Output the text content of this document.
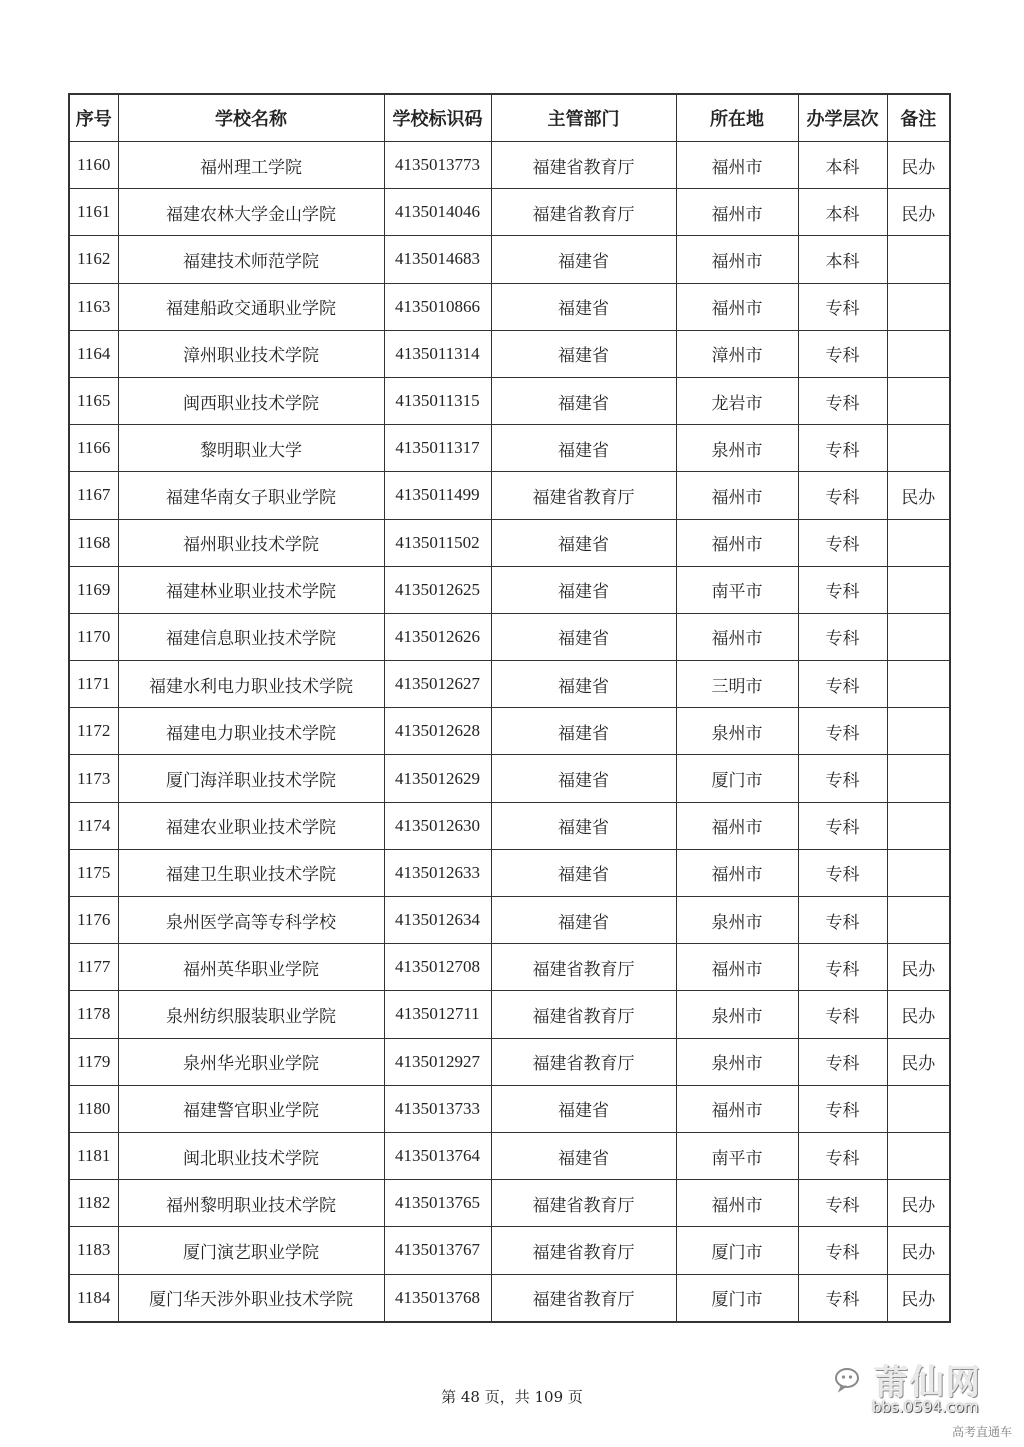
序号	学校名称	学校标识码	主管部门	所在地	办学层次	备注
1160	福州理工学院	4135013773	福建省教育厅	福州市	本科	民办
1161	福建农林大学金山学院	4135014046	福建省教育厅	福州市	本科	民办
1162	福建技术师范学院	4135014683	福建省	福州市	本科	
1163	福建船政交通职业学院	4135010866	福建省	福州市	专科	
1164	漳州职业技术学院	4135011314	福建省	漳州市	专科	
1165	闽西职业技术学院	4135011315	福建省	龙岩市	专科	
1166	黎明职业大学	4135011317	福建省	泉州市	专科	
1167	福建华南女子职业学院	4135011499	福建省教育厅	福州市	专科	民办
1168	福州职业技术学院	4135011502	福建省	福州市	专科	
1169	福建林业职业技术学院	4135012625	福建省	南平市	专科	
1170	福建信息职业技术学院	4135012626	福建省	福州市	专科	
1171	福建水利电力职业技术学院	4135012627	福建省	三明市	专科	
1172	福建电力职业技术学院	4135012628	福建省	泉州市	专科	
1173	厦门海洋职业技术学院	4135012629	福建省	厦门市	专科	
1174	福建农业职业技术学院	4135012630	福建省	福州市	专科	
1175	福建卫生职业技术学院	4135012633	福建省	福州市	专科	
1176	泉州医学高等专科学校	4135012634	福建省	泉州市	专科	
1177	福州英华职业学院	4135012708	福建省教育厅	福州市	专科	民办
1178	泉州纺织服装职业学院	4135012711	福建省教育厅	泉州市	专科	民办
1179	泉州华光职业学院	4135012927	福建省教育厅	泉州市	专科	民办
1180	福建警官职业学院	4135013733	福建省	福州市	专科	
1181	闽北职业技术学院	4135013764	福建省	南平市	专科	
1182	福州黎明职业技术学院	4135013765	福建省教育厅	福州市	专科	民办
1183	厦门演艺职业学院	4135013767	福建省教育厅	厦门市	专科	民办
1184	厦门华天涉外职业技术学院	4135013768	福建省教育厅	厦门市	专科	民办
第 48 页，共 109 页	莆仙网
bbs.0594.com
高考直通车
